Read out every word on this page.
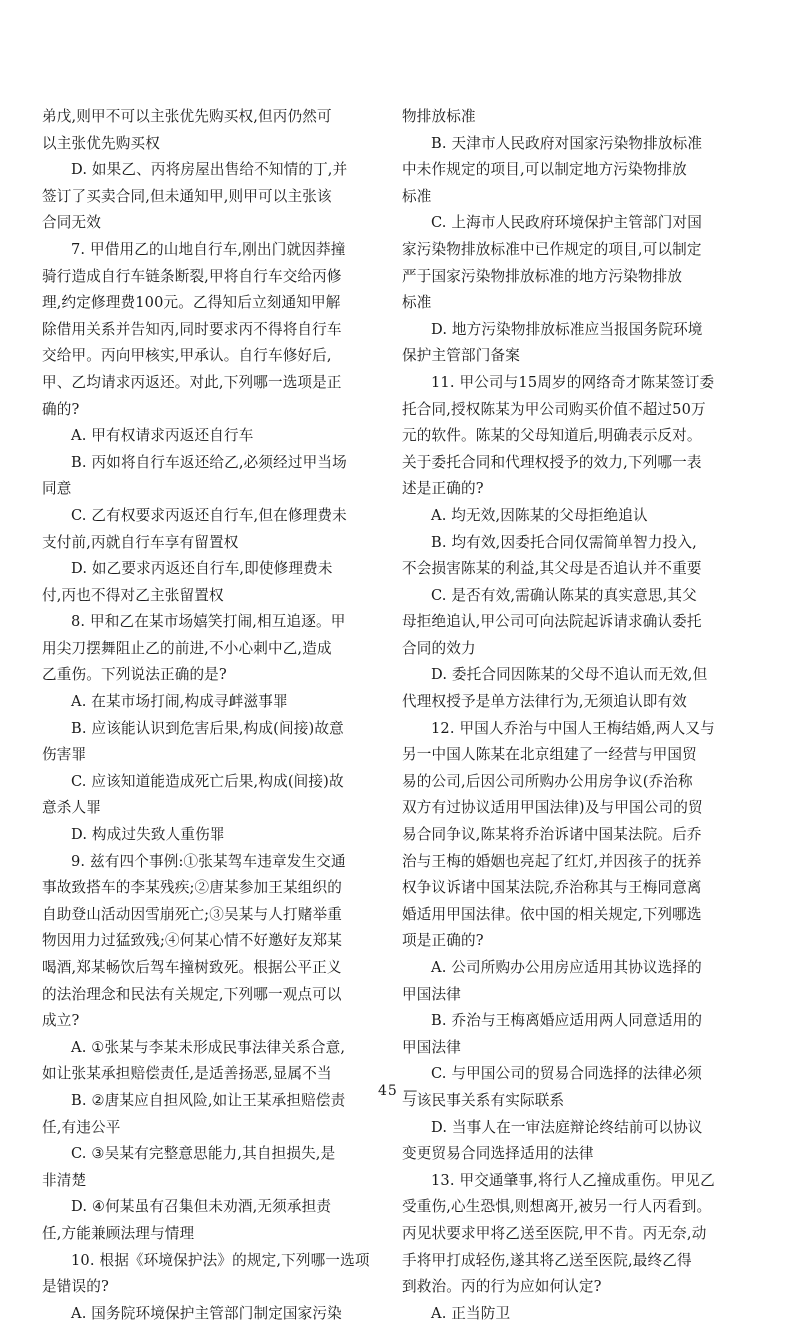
弟戊,则甲不可以主张优先购买权,但丙仍然可
以主张优先购买权
D. 如果乙、丙将房屋出售给不知情的丁,并
签订了买卖合同,但未通知甲,则甲可以主张该
合同无效
7. 甲借用乙的山地自行车,刚出门就因莽撞
骑行造成自行车链条断裂,甲将自行车交给丙修
理,约定修理费100元。乙得知后立刻通知甲解
除借用关系并告知丙,同时要求丙不得将自行车
交给甲。丙向甲核实,甲承认。自行车修好后,
甲、乙均请求丙返还。对此,下列哪一选项是正
确的?
A. 甲有权请求丙返还自行车
B. 丙如将自行车返还给乙,必须经过甲当场
同意
C. 乙有权要求丙返还自行车,但在修理费未
支付前,丙就自行车享有留置权
D. 如乙要求丙返还自行车,即使修理费未
付,丙也不得对乙主张留置权
8. 甲和乙在某市场嬉笑打闹,相互追逐。甲
用尖刀摆舞阻止乙的前进,不小心刺中乙,造成
乙重伤。下列说法正确的是?
A. 在某市场打闹,构成寻衅滋事罪
B. 应该能认识到危害后果,构成(间接)故意
伤害罪
C. 应该知道能造成死亡后果,构成(间接)故
意杀人罪
D. 构成过失致人重伤罪
9. 兹有四个事例:①张某驾车违章发生交通
事故致搭车的李某残疾;②唐某参加王某组织的
自助登山活动因雪崩死亡;③吴某与人打赌举重
物因用力过猛致残;④何某心情不好邀好友郑某
喝酒,郑某畅饮后驾车撞树致死。根据公平正义
的法治理念和民法有关规定,下列哪一观点可以
成立?
A. ①张某与李某未形成民事法律关系合意,
如让张某承担赔偿责任,是适善扬恶,显属不当
B. ②唐某应自担风险,如让王某承担赔偿责
任,有违公平
C. ③吴某有完整意思能力,其自担损失,是
非清楚
D. ④何某虽有召集但未劝酒,无须承担责
任,方能兼顾法理与情理
10. 根据《环境保护法》的规定,下列哪一选项
是错误的?
A. 国务院环境保护主管部门制定国家污染
物排放标准
B. 天津市人民政府对国家污染物排放标准
中未作规定的项目,可以制定地方污染物排放
标准
C. 上海市人民政府环境保护主管部门对国
家污染物排放标准中已作规定的项目,可以制定
严于国家污染物排放标准的地方污染物排放
标准
D. 地方污染物排放标准应当报国务院环境
保护主管部门备案
11. 甲公司与15周岁的网络奇才陈某签订委
托合同,授权陈某为甲公司购买价值不超过50万
元的软件。陈某的父母知道后,明确表示反对。
关于委托合同和代理权授予的效力,下列哪一表
述是正确的?
A. 均无效,因陈某的父母拒绝追认
B. 均有效,因委托合同仅需简单智力投入,
不会损害陈某的利益,其父母是否追认并不重要
C. 是否有效,需确认陈某的真实意思,其父
母拒绝追认,甲公司可向法院起诉请求确认委托
合同的效力
D. 委托合同因陈某的父母不追认而无效,但
代理权授予是单方法律行为,无须追认即有效
12. 甲国人乔治与中国人王梅结婚,两人又与
另一中国人陈某在北京组建了一经营与甲国贸
易的公司,后因公司所购办公用房争议(乔治称
双方有过协议适用甲国法律)及与甲国公司的贸
易合同争议,陈某将乔治诉诸中国某法院。后乔
治与王梅的婚姻也亮起了红灯,并因孩子的抚养
权争议诉诸中国某法院,乔治称其与王梅同意离
婚适用甲国法律。依中国的相关规定,下列哪选
项是正确的?
A. 公司所购办公用房应适用其协议选择的
甲国法律
B. 乔治与王梅离婚应适用两人同意适用的
甲国法律
C. 与甲国公司的贸易合同选择的法律必须
与该民事关系有实际联系
D. 当事人在一审法庭辩论终结前可以协议
变更贸易合同选择适用的法律
13. 甲交通肇事,将行人乙撞成重伤。甲见乙
受重伤,心生恐惧,则想离开,被另一行人丙看到。
丙见状要求甲将乙送至医院,甲不肯。丙无奈,动
手将甲打成轻伤,遂其将乙送至医院,最终乙得
到救治。丙的行为应如何认定?
A. 正当防卫
45 —
